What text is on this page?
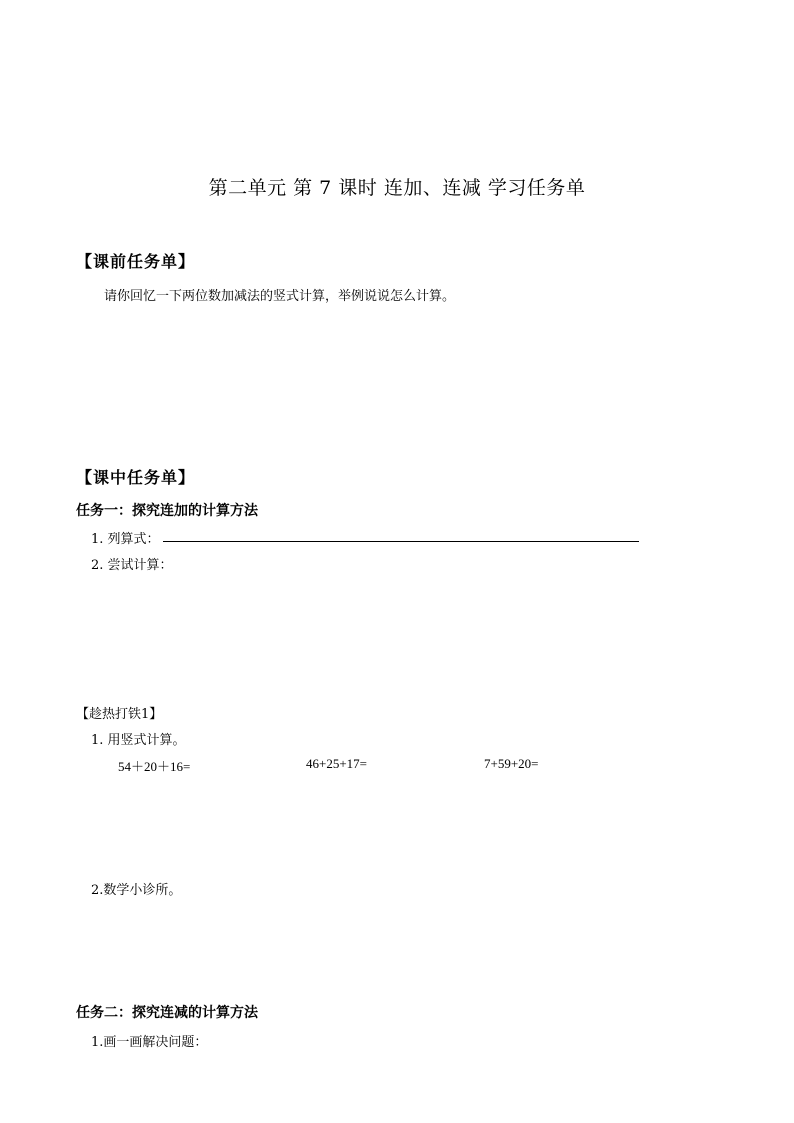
第二单元 第 7 课时 连加、连减 学习任务单
【课前任务单】
请你回忆一下两位数加减法的竖式计算，举例说说怎么计算。
【课中任务单】
任务一：探究连加的计算方法
1. 列算式：
2. 尝试计算：
【趁热打铁1】
1. 用竖式计算。
54＋20＋16=	46+25+17=	7+59+20=
2.数学小诊所。
任务二：探究连减的计算方法
1.画一画解决问题：
